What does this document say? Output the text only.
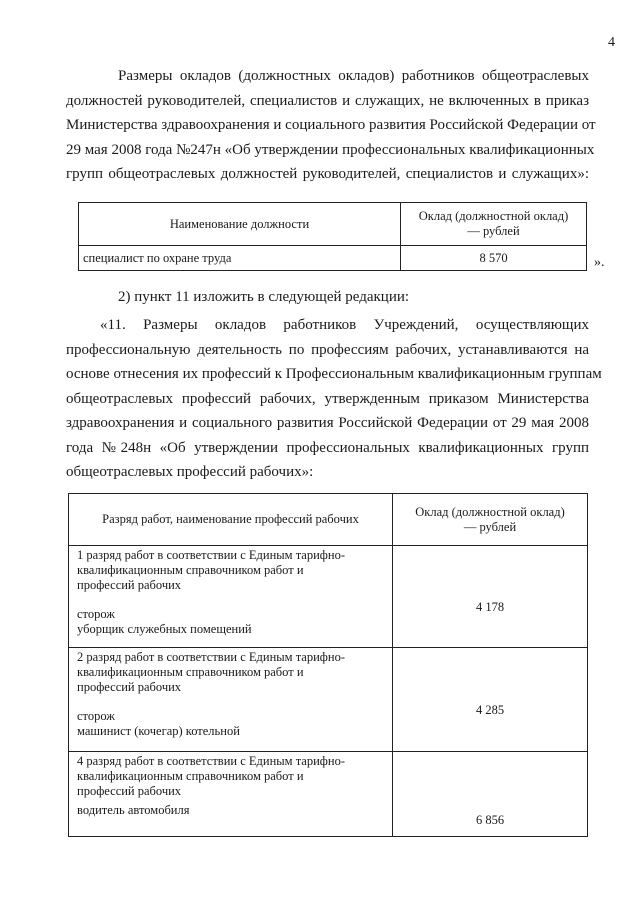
4
Размеры окладов (должностных окладов) работников общеотраслевых
должностей руководителей, специалистов и служащих, не включенных в приказ
Министерства здравоохранения и социального развития Российской Федерации от
29 мая 2008 года №247н «Об утверждении профессиональных квалификационных
групп общеотраслевых должностей руководителей, специалистов и служащих»:
Наименование должности	Оклад (должностной оклад)
— рублей

специалист по охране труда	8 570	».
2) пункт 11 изложить в следующей редакции:
«11. Размеры окладов работников Учреждений, осуществляющих
профессиональную деятельность по профессиям рабочих, устанавливаются на
основе отнесения их профессий к Профессиональным квалификационным группам
общеотраслевых профессий рабочих, утвержденным приказом Министерства
здравоохранения и социального развития Российской Федерации от 29 мая 2008
года №248н «Об утверждении профессиональных квалификационных групп
общеотраслевых профессий рабочих»:
Разряд работ, наименование профессий рабочих	Оклад (должностной оклад)
— рублей

1 разряд работ в соответствии с Единым тарифно-
квалификационным справочником работ и
профессий рабочих
сторож
уборщик служебных помещений	4 178

2 разряд работ в соответствии с Единым тарифно-
квалификационным справочником работ и
профессий рабочих
сторож
машинист (кочегар) котельной	4 285

4 разряд работ в соответствии с Единым тарифно-
квалификационным справочником работ и
профессий рабочих
водитель автомобиля	6 856
